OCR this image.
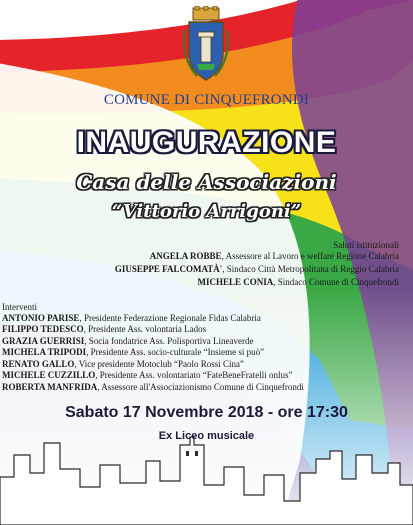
COMUNE DI CINQUEFRONDI

INAUGURAZIONE

Casa delle Associazioni

“Vittorio Arrigoni”

Saluti istituzionali

ANGELA ROBBE, Assessore al Lavoro e welfare Regione Calabria

GIUSEPPE FALCOMATÀ', Sindaco Città Metropolitana di Reggio Calabria

MICHELE CONIA, Sindaco Comune di Cinquefrondi

Interventi

ANTONIO PARISE, Presidente Federazione Regionale Fidas Calabria

FILIPPO TEDESCO, Presidente Ass. volontaria Lados

GRAZIA GUERRISI, Socia fondatrice Ass. Polisportiva Lineaverde

MICHELA TRIPODI, Presidente Ass. socio-culturale “Insieme si può”

RENATO GALLO, Vice presidente Motoclub “Paolo Rossi Cina”

MICHELE CUZZILLO, Presidente Ass. volontariato “FateBeneFratelli onlus”

ROBERTA MANFRIDA, Assessore all'Associazionismo Comune di Cinquefrondi

Sabato 17 Novembre 2018 - ore 17:30

Ex Liceo musicale
